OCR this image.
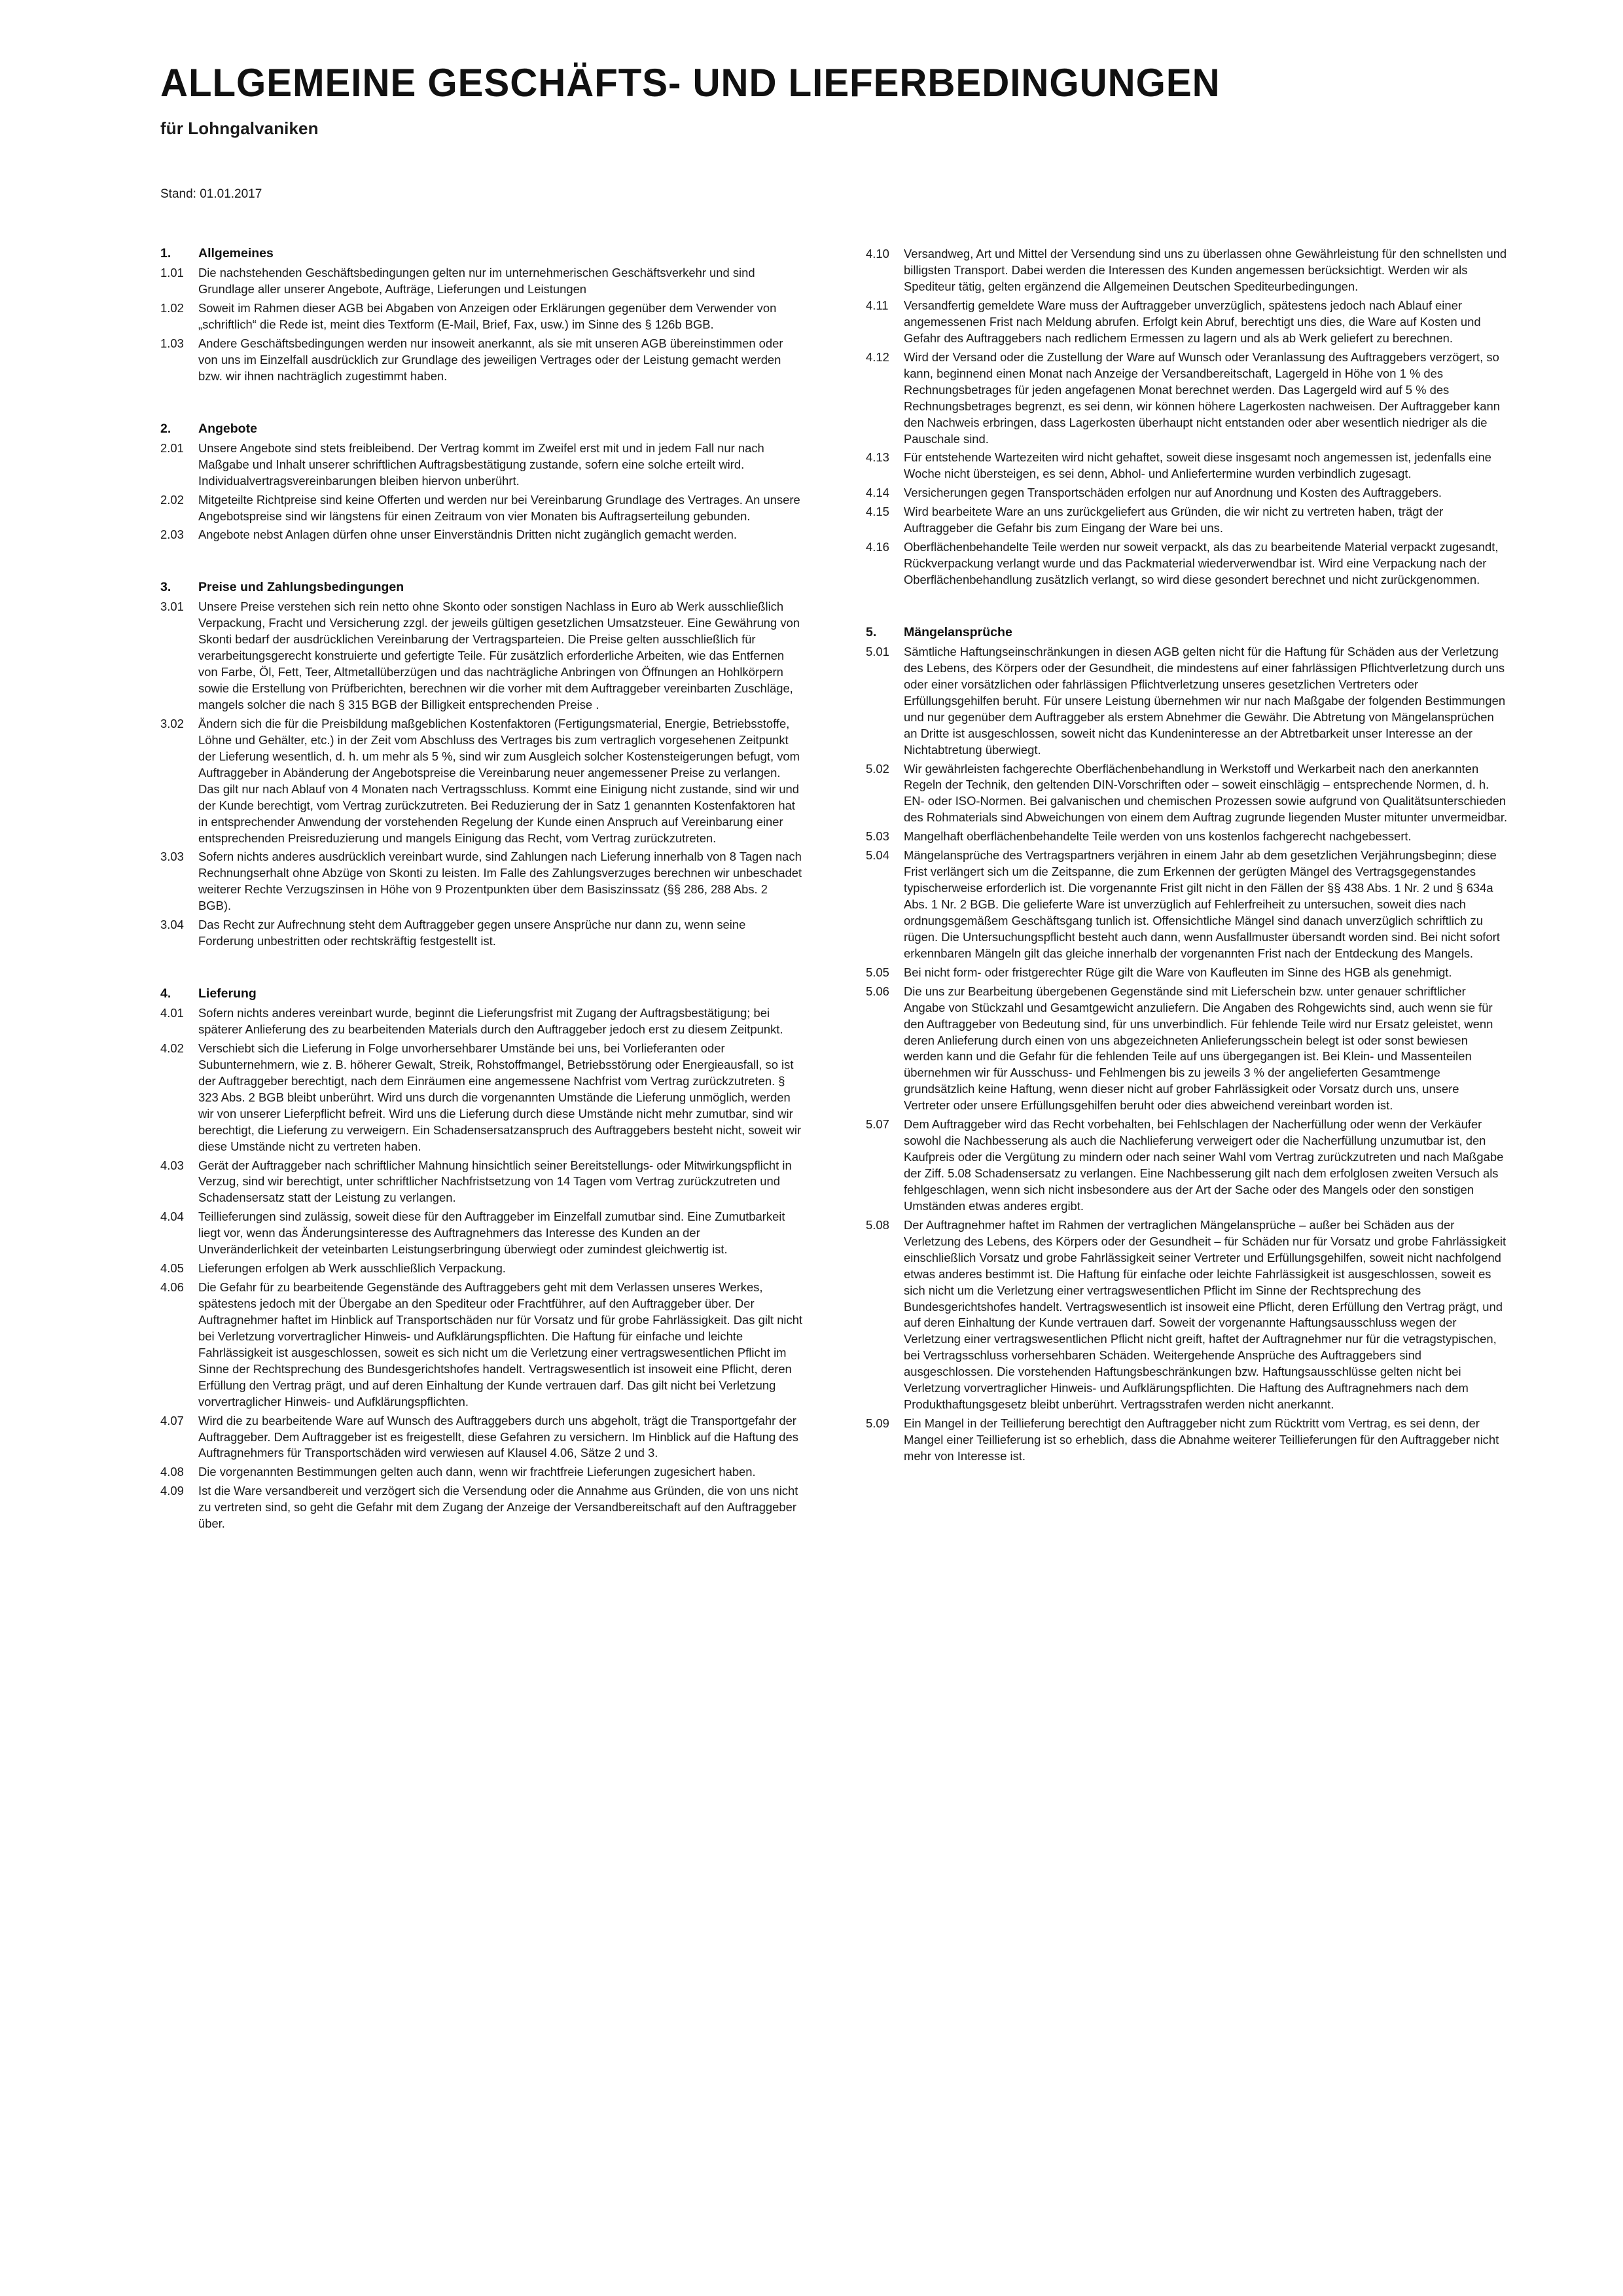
ALLGEMEINE GESCHÄFTS- UND LIEFERBEDINGUNGEN
für Lohngalvaniken
Stand: 01.01.2017
1.	Allgemeines
1.01	Die nachstehenden Geschäftsbedingungen gelten nur im unternehmerischen Geschäftsverkehr und sind Grundlage aller unserer Angebote, Aufträge, Lieferungen und Leistungen
1.02	Soweit im Rahmen dieser AGB bei Abgaben von Anzeigen oder Erklärungen gegenüber dem Verwender von „schriftlich“ die Rede ist, meint dies Textform (E-Mail, Brief, Fax, usw.) im Sinne des § 126b BGB.
1.03	Andere Geschäftsbedingungen werden nur insoweit anerkannt, als sie mit unseren AGB übereinstimmen oder von uns im Einzelfall ausdrücklich zur Grundlage des jeweiligen Vertrages oder der Leistung gemacht werden bzw. wir ihnen nachträglich zugestimmt haben.
2.	Angebote
2.01	Unsere Angebote sind stets freibleibend. Der Vertrag kommt im Zweifel erst mit und in jedem Fall nur nach Maßgabe und Inhalt unserer schriftlichen Auftragsbestätigung zustande, sofern eine solche erteilt wird. Individualvertragsvereinbarungen bleiben hiervon unberührt.
2.02	Mitgeteilte Richtpreise sind keine Offerten und werden nur bei Vereinbarung Grundlage des Vertrages. An unsere Angebotspreise sind wir längstens für einen Zeitraum von vier Monaten bis Auftragserteilung gebunden.
2.03	Angebote nebst Anlagen dürfen ohne unser Einverständnis Dritten nicht zugänglich gemacht werden.
3.	Preise und Zahlungsbedingungen
3.01	Unsere Preise verstehen sich rein netto ohne Skonto oder sonstigen Nachlass in Euro ab Werk ausschließlich Verpackung, Fracht und Versicherung zzgl. der jeweils gültigen gesetzlichen Umsatzsteuer. Eine Gewährung von Skonti bedarf der ausdrücklichen Vereinbarung der Vertragsparteien. Die Preise gelten ausschließlich für verarbeitungsgerecht konstruierte und gefertigte Teile. Für zusätzlich erforderliche Arbeiten, wie das Entfernen von Farbe, Öl, Fett, Teer, Altmetallüberzügen und das nachträgliche Anbringen von Öffnungen an Hohlkörpern sowie die Erstellung von Prüfberichten, berechnen wir die vorher mit dem Auftraggeber vereinbarten Zuschläge, mangels solcher die nach § 315 BGB der Billigkeit entsprechenden Preise .
3.02	Ändern sich die für die Preisbildung maßgeblichen Kostenfaktoren (Fertigungsmaterial, Energie, Betriebsstoffe, Löhne und Gehälter, etc.) in der Zeit vom Abschluss des Vertrages bis zum vertraglich vorgesehenen Zeitpunkt der Lieferung wesentlich, d. h. um mehr als 5 %, sind wir zum Ausgleich solcher Kostensteigerungen befugt, vom Auftraggeber in Abänderung der Angebotspreise die Vereinbarung neuer angemessener Preise zu verlangen. Das gilt nur nach Ablauf von 4 Monaten nach Vertragsschluss. Kommt eine Einigung nicht zustande, sind wir und der Kunde berechtigt, vom Vertrag zurückzutreten. Bei Reduzierung der in Satz 1 genannten Kostenfaktoren hat in entsprechender Anwendung der vorstehenden Regelung der Kunde einen Anspruch auf Vereinbarung einer entsprechenden Preisreduzierung und mangels Einigung das Recht, vom Vertrag zurückzutreten.
3.03	Sofern nichts anderes ausdrücklich vereinbart wurde, sind Zahlungen nach Lieferung innerhalb von 8 Tagen nach Rechnungserhalt ohne Abzüge von Skonti zu leisten. Im Falle des Zahlungsverzuges berechnen wir unbeschadet weiterer Rechte Verzugszinsen in Höhe von 9 Prozentpunkten über dem Basiszinssatz (§§ 286, 288 Abs. 2 BGB).
3.04	Das Recht zur Aufrechnung steht dem Auftraggeber gegen unsere Ansprüche nur dann zu, wenn seine Forderung unbestritten oder rechtskräftig festgestellt ist.
4.	Lieferung
4.01	Sofern nichts anderes vereinbart wurde, beginnt die Lieferungsfrist mit Zugang der Auftragsbestätigung; bei späterer Anlieferung des zu bearbeitenden Materials durch den Auftraggeber jedoch erst zu diesem Zeitpunkt.
4.02	Verschiebt sich die Lieferung in Folge unvorhersehbarer Umstände bei uns, bei Vorlieferanten oder Subunternehmern, wie z. B. höherer Gewalt, Streik, Rohstoffmangel, Betriebsstörung oder Energieausfall, so ist der Auftraggeber berechtigt, nach dem Einräumen eine angemessene Nachfrist vom Vertrag zurückzutreten. § 323 Abs. 2 BGB bleibt unberührt. Wird uns durch die vorgenannten Umstände die Lieferung unmöglich, werden wir von unserer Lieferpflicht befreit. Wird uns die Lieferung durch diese Umstände nicht mehr zumutbar, sind wir berechtigt, die Lieferung zu verweigern. Ein Schadensersatzanspruch des Auftraggebers besteht nicht, soweit wir diese Umstände nicht zu vertreten haben.
4.03	Gerät der Auftraggeber nach schriftlicher Mahnung hinsichtlich seiner Bereitstellungs- oder Mitwirkungspflicht in Verzug, sind wir berechtigt, unter schriftlicher Nachfristsetzung von 14 Tagen vom Vertrag zurückzutreten und Schadensersatz statt der Leistung zu verlangen.
4.04	Teillieferungen sind zulässig, soweit diese für den Auftraggeber im Einzelfall zumutbar sind. Eine Zumutbarkeit liegt vor, wenn das Änderungsinteresse des Auftragnehmers das Interesse des Kunden an der Unveränderlichkeit der veteinbarten Leistungserbringung überwiegt oder zumindest gleichwertig ist.
4.05	Lieferungen erfolgen ab Werk ausschließlich Verpackung.
4.06	Die Gefahr für zu bearbeitende Gegenstände des Auftraggebers geht mit dem Verlassen unseres Werkes, spätestens jedoch mit der Übergabe an den Spediteur oder Frachtführer, auf den Auftraggeber über. Der Auftragnehmer haftet im Hinblick auf Transportschäden nur für Vorsatz und für grobe Fahrlässigkeit. Das gilt nicht bei Verletzung vorvertraglicher Hinweis- und Aufklärungspflichten. Die Haftung für einfache und leichte Fahrlässigkeit ist ausgeschlossen, soweit es sich nicht um die Verletzung einer vertragswesentlichen Pflicht im Sinne der Rechtsprechung des Bundesgerichtshofes handelt. Vertragswesentlich ist insoweit eine Pflicht, deren Erfüllung den Vertrag prägt, und auf deren Einhaltung der Kunde vertrauen darf. Das gilt nicht bei Verletzung vorvertraglicher Hinweis- und Aufklärungspflichten.
4.07	Wird die zu bearbeitende Ware auf Wunsch des Auftraggebers durch uns abgeholt, trägt die Transportgefahr der Auftraggeber. Dem Auftraggeber ist es freigestellt, diese Gefahren zu versichern. Im Hinblick auf die Haftung des Auftragnehmers für Transportschäden wird verwiesen auf Klausel 4.06, Sätze 2 und 3.
4.08	Die vorgenannten Bestimmungen gelten auch dann, wenn wir frachtfreie Lieferungen zugesichert haben.
4.09	Ist die Ware versandbereit und verzögert sich die Versendung oder die Annahme aus Gründen, die von uns nicht zu vertreten sind, so geht die Gefahr mit dem Zugang der Anzeige der Versandbereitschaft auf den Auftraggeber über.
4.10	Versandweg, Art und Mittel der Versendung sind uns zu überlassen ohne Gewährleistung für den schnellsten und billigsten Transport. Dabei werden die Interessen des Kunden angemessen berücksichtigt. Werden wir als Spediteur tätig, gelten ergänzend die Allgemeinen Deutschen Spediteurbedingungen.
4.11	Versandfertig gemeldete Ware muss der Auftraggeber unverzüglich, spätestens jedoch nach Ablauf einer angemessenen Frist nach Meldung abrufen. Erfolgt kein Abruf, berechtigt uns dies, die Ware auf Kosten und Gefahr des Auftraggebers nach redlichem Ermessen zu lagern und als ab Werk geliefert zu berechnen.
4.12	Wird der Versand oder die Zustellung der Ware auf Wunsch oder Veranlassung des Auftraggebers verzögert, so kann, beginnend einen Monat nach Anzeige der Versandbereitschaft, Lagergeld in Höhe von 1 % des Rechnungsbetrages für jeden angefagenen Monat berechnet werden. Das Lagergeld wird auf 5 % des Rechnungsbetrages begrenzt, es sei denn, wir können höhere Lagerkosten nachweisen. Der Auftraggeber kann den Nachweis erbringen, dass Lagerkosten überhaupt nicht entstanden oder aber wesentlich niedriger als die Pauschale sind.
4.13	Für entstehende Wartezeiten wird nicht gehaftet, soweit diese insgesamt noch angemessen ist, jedenfalls eine Woche nicht übersteigen, es sei denn, Abhol- und Anliefertermine wurden verbindlich zugesagt.
4.14	Versicherungen gegen Transportschäden erfolgen nur auf Anordnung und Kosten des Auftraggebers.
4.15	Wird bearbeitete Ware an uns zurückgeliefert aus Gründen, die wir nicht zu vertreten haben, trägt der Auftraggeber die Gefahr bis zum Eingang der Ware bei uns.
4.16	Oberflächenbehandelte Teile werden nur soweit verpackt, als das zu bearbeitende Material verpackt zugesandt, Rückverpackung verlangt wurde und das Packmaterial wiederverwendbar ist. Wird eine Verpackung nach der Oberflächenbehandlung zusätzlich verlangt, so wird diese gesondert berechnet und nicht zurückgenommen.
5.	Mängelansprüche
5.01	Sämtliche Haftungseinschränkungen in diesen AGB gelten nicht für die Haftung für Schäden aus der Verletzung des Lebens, des Körpers oder der Gesundheit, die mindestens auf einer fahrlässigen Pflichtverletzung durch uns oder einer vorsätzlichen oder fahrlässigen Pflichtverletzung unseres gesetzlichen Vertreters oder Erfüllungsgehilfen beruht. Für unsere Leistung übernehmen wir nur nach Maßgabe der folgenden Bestimmungen und nur gegenüber dem Auftraggeber als erstem Abnehmer die Gewähr. Die Abtretung von Mängelansprüchen an Dritte ist ausgeschlossen, soweit nicht das Kundeninteresse an der Abtretbarkeit unser Interesse an der Nichtabtretung überwiegt.
5.02	Wir gewährleisten fachgerechte Oberflächenbehandlung in Werkstoff und Werkarbeit nach den anerkannten Regeln der Technik, den geltenden DIN-Vorschriften oder – soweit einschlägig – entsprechende Normen, d. h. EN- oder ISO-Normen. Bei galvanischen und chemischen Prozessen sowie aufgrund von Qualitätsunterschieden des Rohmaterials sind Abweichungen von einem dem Auftrag zugrunde liegenden Muster mitunter unvermeidbar.
5.03	Mangelhaft oberflächenbehandelte Teile werden von uns kostenlos fachgerecht nachgebessert.
5.04	Mängelansprüche des Vertragspartners verjähren in einem Jahr ab dem gesetzlichen Verjährungsbeginn; diese Frist verlängert sich um die Zeitspanne, die zum Erkennen der gerügten Mängel des Vertragsgegenstandes typischerweise erforderlich ist. Die vorgenannte Frist gilt nicht in den Fällen der §§ 438 Abs. 1 Nr. 2 und § 634a Abs. 1 Nr. 2 BGB. Die gelieferte Ware ist unverzüglich auf Fehlerfreiheit zu untersuchen, soweit dies nach ordnungsgemäßem Geschäftsgang tunlich ist. Offensichtliche Mängel sind danach unverzüglich schriftlich zu rügen. Die Untersuchungspflicht besteht auch dann, wenn Ausfallmuster übersandt worden sind. Bei nicht sofort erkennbaren Mängeln gilt das gleiche innerhalb der vorgenannten Frist nach der Entdeckung des Mangels.
5.05	Bei nicht form- oder fristgerechter Rüge gilt die Ware von Kaufleuten im Sinne des HGB als genehmigt.
5.06	Die uns zur Bearbeitung übergebenen Gegenstände sind mit Lieferschein bzw. unter genauer schriftlicher Angabe von Stückzahl und Gesamtgewicht anzuliefern. Die Angaben des Rohgewichts sind, auch wenn sie für den Auftraggeber von Bedeutung sind, für uns unverbindlich. Für fehlende Teile wird nur Ersatz geleistet, wenn deren Anlieferung durch einen von uns abgezeichneten Anlieferungsschein belegt ist oder sonst bewiesen werden kann und die Gefahr für die fehlenden Teile auf uns übergegangen ist. Bei Klein- und Massenteilen übernehmen wir für Ausschuss- und Fehlmengen bis zu jeweils 3 % der angelieferten Gesamtmenge grundsätzlich keine Haftung, wenn dieser nicht auf grober Fahrlässigkeit oder Vorsatz durch uns, unsere Vertreter oder unsere Erfüllungsgehilfen beruht oder dies abweichend vereinbart worden ist.
5.07	Dem Auftraggeber wird das Recht vorbehalten, bei Fehlschlagen der Nacherfüllung oder wenn der Verkäufer sowohl die Nachbesserung als auch die Nachlieferung verweigert oder die Nacherfüllung unzumutbar ist, den Kaufpreis oder die Vergütung zu mindern oder nach seiner Wahl vom Vertrag zurückzutreten und nach Maßgabe der Ziff. 5.08 Schadensersatz zu verlangen. Eine Nachbesserung gilt nach dem erfolglosen zweiten Versuch als fehlgeschlagen, wenn sich nicht insbesondere aus der Art der Sache oder des Mangels oder den sonstigen Umständen etwas anderes ergibt.
5.08	Der Auftragnehmer haftet im Rahmen der vertraglichen Mängelansprüche – außer bei Schäden aus der Verletzung des Lebens, des Körpers oder der Gesundheit – für Schäden nur für Vorsatz und grobe Fahrlässigkeit einschließlich Vorsatz und grobe Fahrlässigkeit seiner Vertreter und Erfüllungsgehilfen, soweit nicht nachfolgend etwas anderes bestimmt ist. Die Haftung für einfache oder leichte Fahrlässigkeit ist ausgeschlossen, soweit es sich nicht um die Verletzung einer vertragswesentlichen Pflicht im Sinne der Rechtsprechung des Bundesgerichtshofes handelt. Vertragswesentlich ist insoweit eine Pflicht, deren Erfüllung den Vertrag prägt, und auf deren Einhaltung der Kunde vertrauen darf. Soweit der vorgenannte Haftungsausschluss wegen der Verletzung einer vertragswesentlichen Pflicht nicht greift, haftet der Auftragnehmer nur für die vetragstypischen, bei Vertragsschluss vorhersehbaren Schäden. Weitergehende Ansprüche des Auftraggebers sind ausgeschlossen. Die vorstehenden Haftungsbeschränkungen bzw. Haftungsausschlüsse gelten nicht bei Verletzung vorvertraglicher Hinweis- und Aufklärungspflichten. Die Haftung des Auftragnehmers nach dem Produkthaftungsgesetz bleibt unberührt. Vertragsstrafen werden nicht anerkannt.
5.09	Ein Mangel in der Teillieferung berechtigt den Auftraggeber nicht zum Rücktritt vom Vertrag, es sei denn, der Mangel einer Teillieferung ist so erheblich, dass die Abnahme weiterer Teillieferungen für den Auftraggeber nicht mehr von Interesse ist.
